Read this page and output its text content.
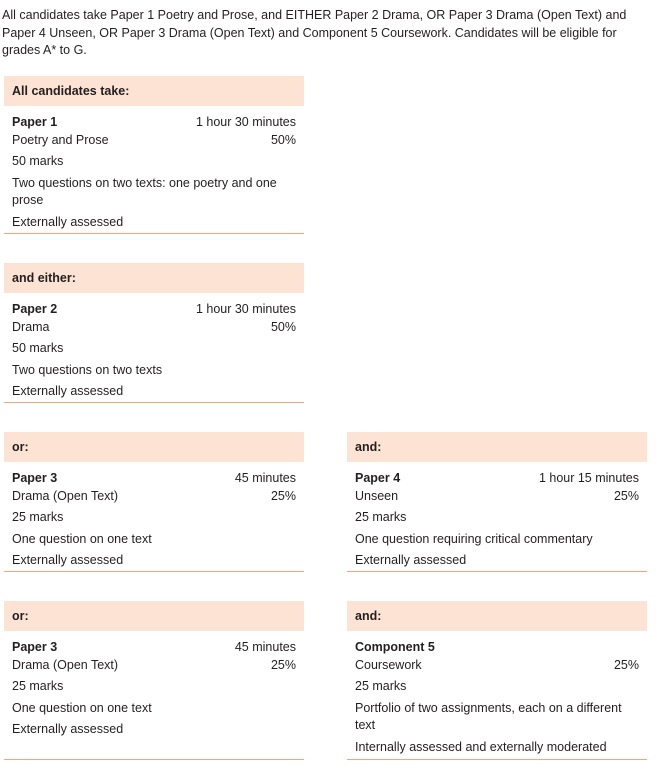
All candidates take Paper 1 Poetry and Prose, and EITHER Paper 2 Drama, OR Paper 3 Drama (Open Text) and Paper 4 Unseen, OR Paper 3 Drama (Open Text) and Component 5 Coursework. Candidates will be eligible for grades A* to G.
All candidates take:
Paper 1	1 hour 30 minutes
Poetry and Prose	50%
50 marks
Two questions on two texts: one poetry and one prose
Externally assessed
and either:
Paper 2	1 hour 30 minutes
Drama	50%
50 marks
Two questions on two texts
Externally assessed
or:
Paper 3	45 minutes
Drama (Open Text)	25%
25 marks
One question on one text
Externally assessed
and:
Paper 4	1 hour 15 minutes
Unseen	25%
25 marks
One question requiring critical commentary
Externally assessed
or:
Paper 3	45 minutes
Drama (Open Text)	25%
25 marks
One question on one text
Externally assessed
and:
Component 5
Coursework	25%
25 marks
Portfolio of two assignments, each on a different text
Internally assessed and externally moderated
